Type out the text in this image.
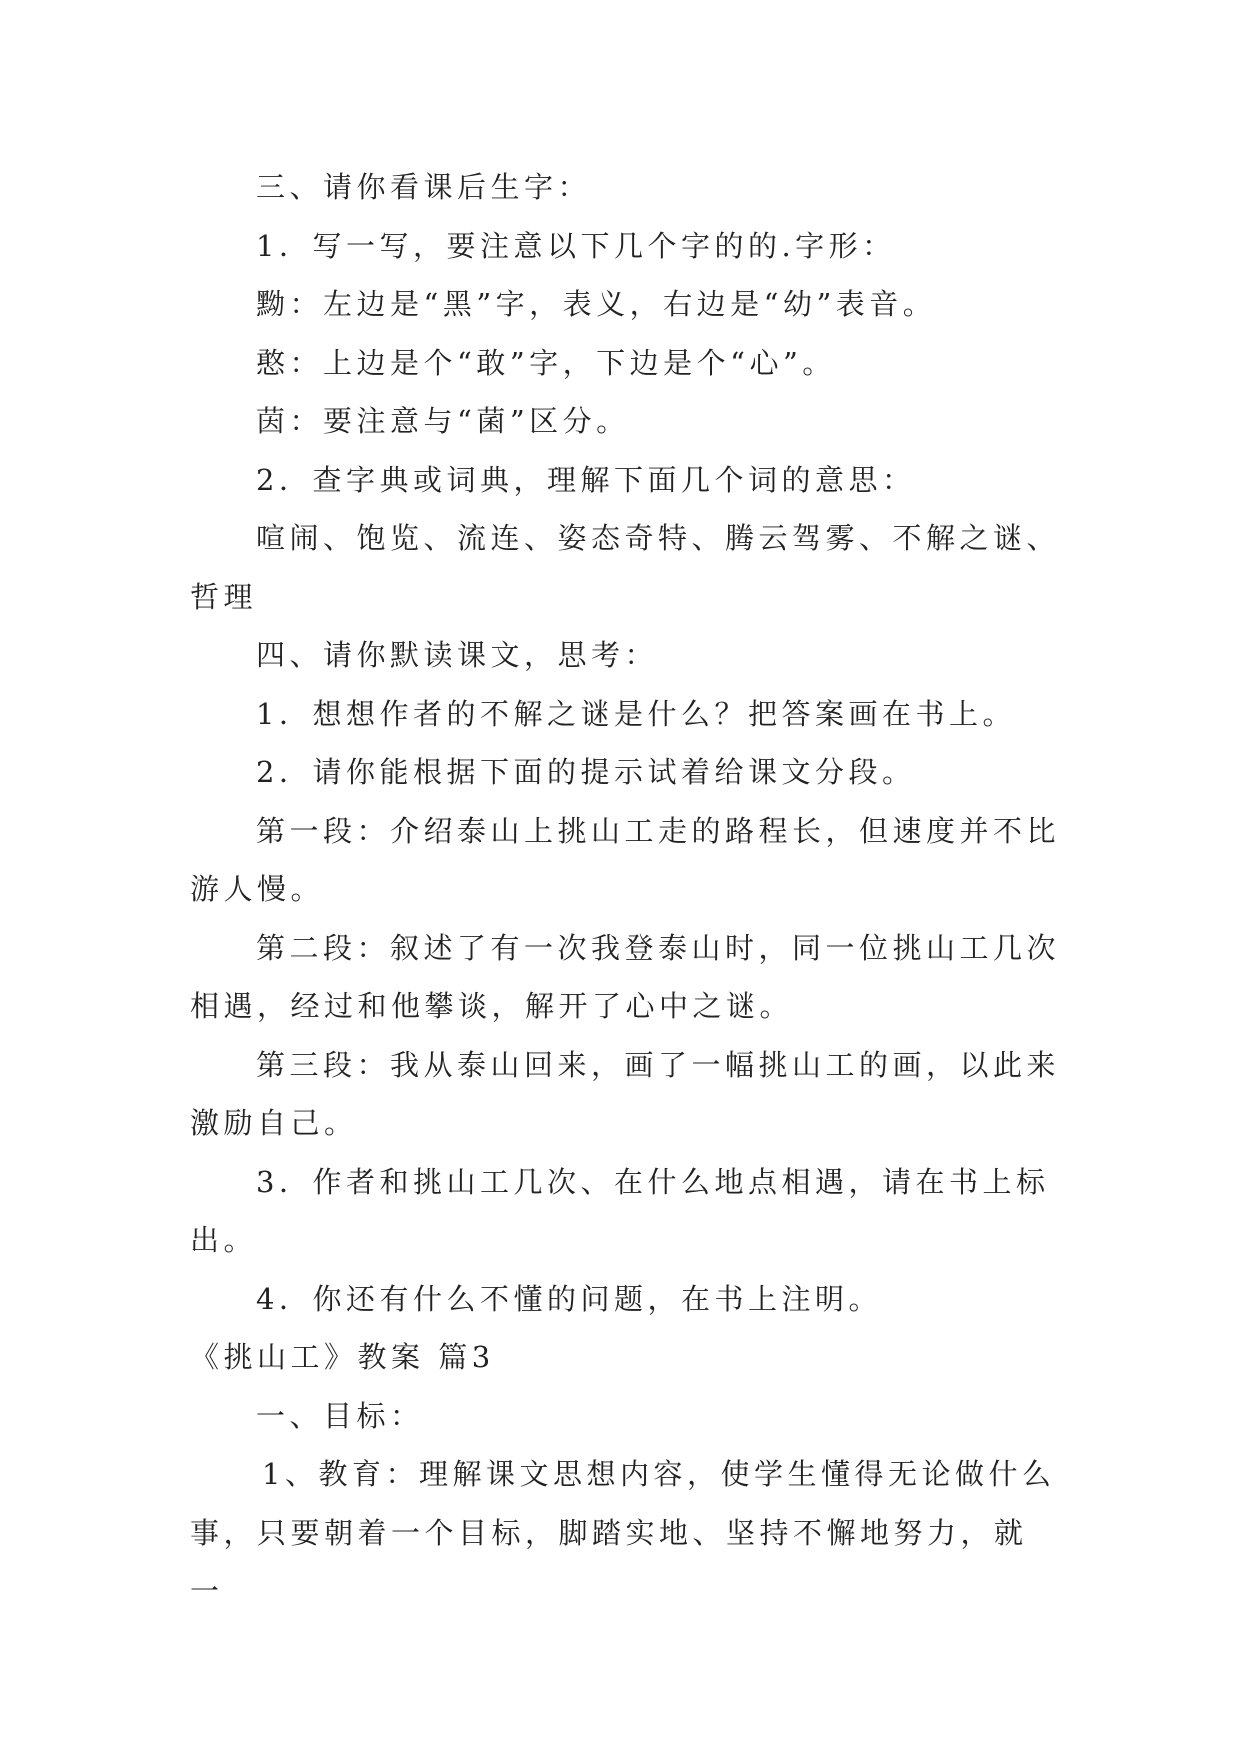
三、请你看课后生字：

1．写一写，要注意以下几个字的的.字形：

黝：左边是“黑”字，表义，右边是“幼”表音。

憨：上边是个“敢”字，下边是个“心”。

茵：要注意与“菌”区分。

2．查字典或词典，理解下面几个词的意思：

喧闹、饱览、流连、姿态奇特、腾云驾雾、不解之谜、哲理

四、请你默读课文，思考：

1．想想作者的不解之谜是什么？把答案画在书上。

2．请你能根据下面的提示试着给课文分段。

第一段：介绍泰山上挑山工走的路程长，但速度并不比游人慢。

第二段：叙述了有一次我登泰山时，同一位挑山工几次相遇，经过和他攀谈，解开了心中之谜。

第三段：我从泰山回来，画了一幅挑山工的画，以此来激励自己。

3．作者和挑山工几次、在什么地点相遇，请在书上标出。

4．你还有什么不懂的问题，在书上注明。

《挑山工》教案 篇3

一、目标：

1、教育：理解课文思想内容，使学生懂得无论做什么事，只要朝着一个目标，脚踏实地、坚持不懈地努力，就一
